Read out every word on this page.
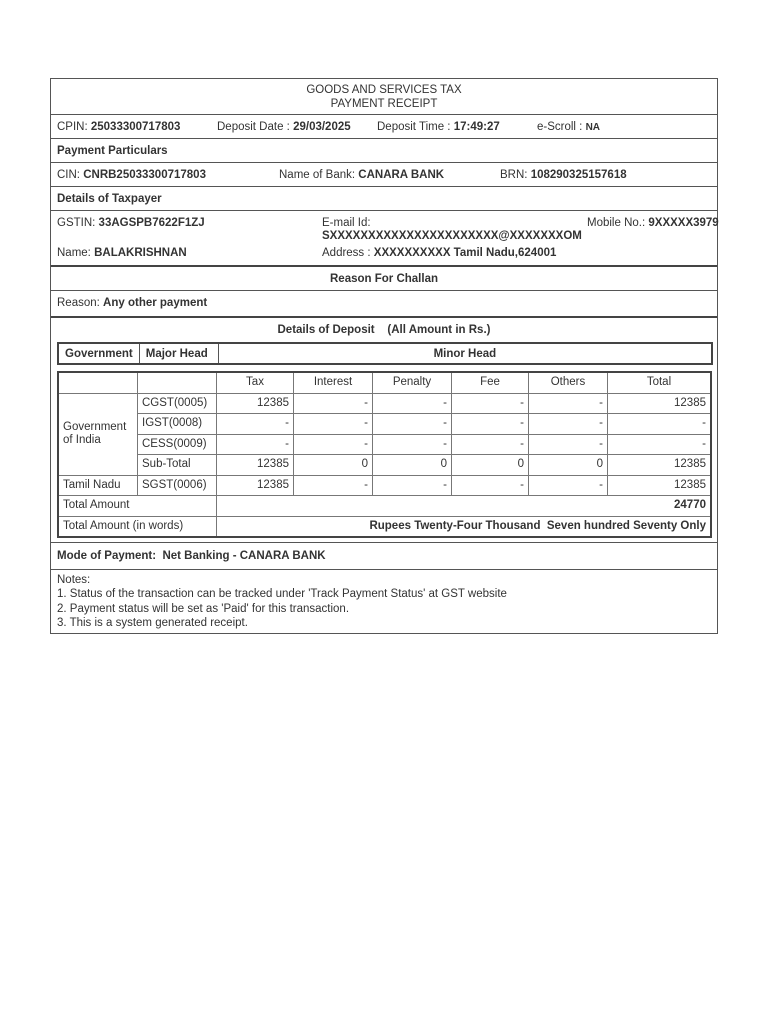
GOODS AND SERVICES TAX
PAYMENT RECEIPT
CPIN: 25033300717803	Deposit Date : 29/03/2025 Deposit Time : 17:49:27	e-Scroll : NA
Payment Particulars
CIN: CNRB25033300717803	Name of Bank: CANARA BANK	BRN: 108290325157618
Details of Taxpayer
GSTIN: 33AGSPB7622F1ZJ	E-mail Id:
SXXXXXXXXXXXXXXXXXXXXXX@XXXXXXXOM
Mobile No.: 9XXXXX3979
Name: BALAKRISHNAN	Address : XXXXXXXXXX Tamil Nadu,624001
Reason For Challan
Reason: Any other payment
Details of Deposit    (All Amount in Rs.)
Government	Major Head	Minor Head
		Tax	Interest	Penalty	Fee	Others	Total
Government of India	CGST(0005)	12385	-	-	-	-	12385
	IGST(0008)	-	-	-	-	-	-
	CESS(0009)	-	-	-	-	-	-
	Sub-Total	12385	0	0	0	0	12385
Tamil Nadu	SGST(0006)	12385	-	-	-	-	12385
Total Amount		24770					
Total Amount (in words)		Rupees Twenty-Four Thousand  Seven hundred Seventy Only					
Mode of Payment: Net Banking - CANARA BANK
Notes:
1. Status of the transaction can be tracked under 'Track Payment Status' at GST website
2. Payment status will be set as 'Paid' for this transaction.
3. This is a system generated receipt.
